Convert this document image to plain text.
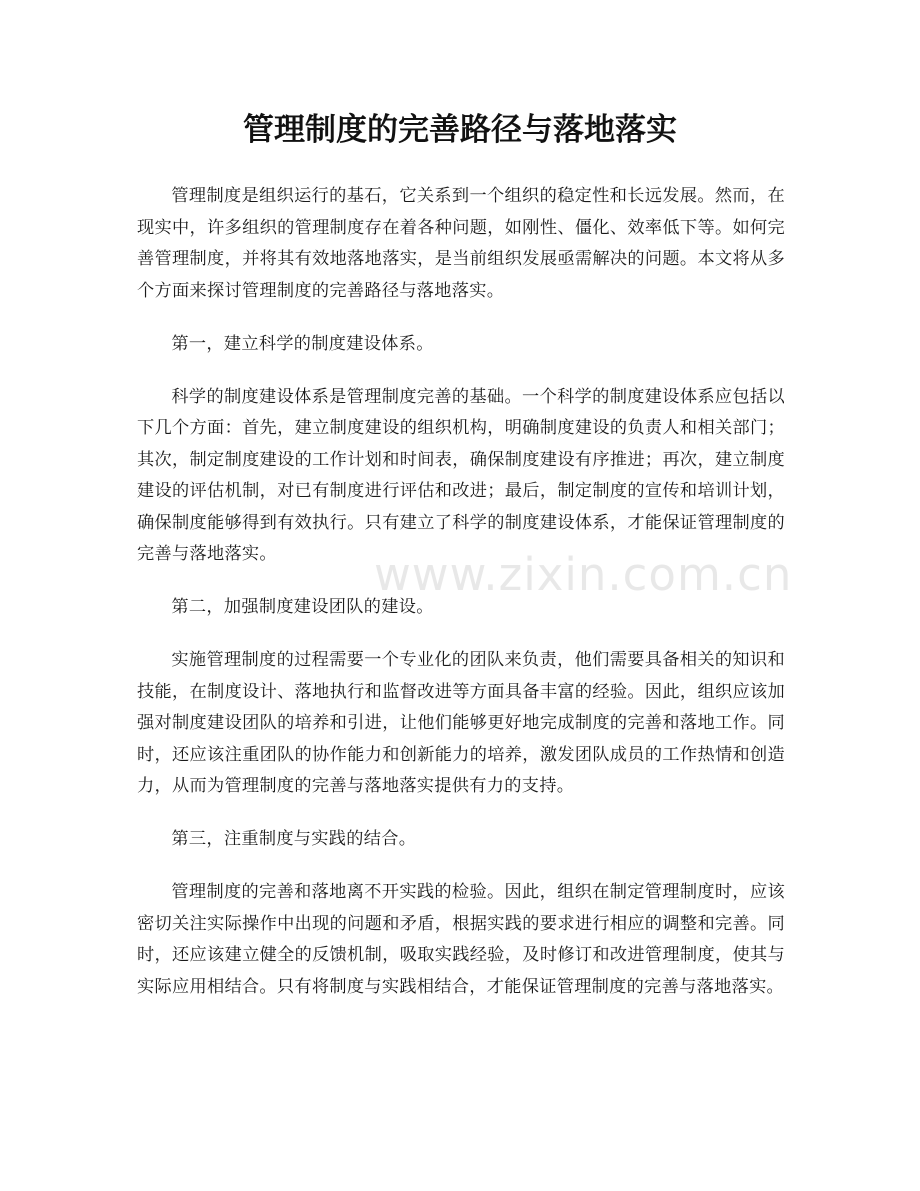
管理制度的完善路径与落地落实

管理制度是组织运行的基石，它关系到一个组织的稳定性和长远发展。然而，在现实中，许多组织的管理制度存在着各种问题，如刚性、僵化、效率低下等。如何完善管理制度，并将其有效地落地落实，是当前组织发展亟需解决的问题。本文将从多个方面来探讨管理制度的完善路径与落地落实。

第一，建立科学的制度建设体系。

科学的制度建设体系是管理制度完善的基础。一个科学的制度建设体系应包括以下几个方面：首先，建立制度建设的组织机构，明确制度建设的负责人和相关部门；其次，制定制度建设的工作计划和时间表，确保制度建设有序推进；再次，建立制度建设的评估机制，对已有制度进行评估和改进；最后，制定制度的宣传和培训计划，确保制度能够得到有效执行。只有建立了科学的制度建设体系，才能保证管理制度的完善与落地落实。

第二，加强制度建设团队的建设。

实施管理制度的过程需要一个专业化的团队来负责，他们需要具备相关的知识和技能，在制度设计、落地执行和监督改进等方面具备丰富的经验。因此，组织应该加强对制度建设团队的培养和引进，让他们能够更好地完成制度的完善和落地工作。同时，还应该注重团队的协作能力和创新能力的培养，激发团队成员的工作热情和创造力，从而为管理制度的完善与落地落实提供有力的支持。

第三，注重制度与实践的结合。

管理制度的完善和落地离不开实践的检验。因此，组织在制定管理制度时，应该密切关注实际操作中出现的问题和矛盾，根据实践的要求进行相应的调整和完善。同时，还应该建立健全的反馈机制，吸取实践经验，及时修订和改进管理制度，使其与实际应用相结合。只有将制度与实践相结合，才能保证管理制度的完善与落地落实。

www.zixin.com.cn
